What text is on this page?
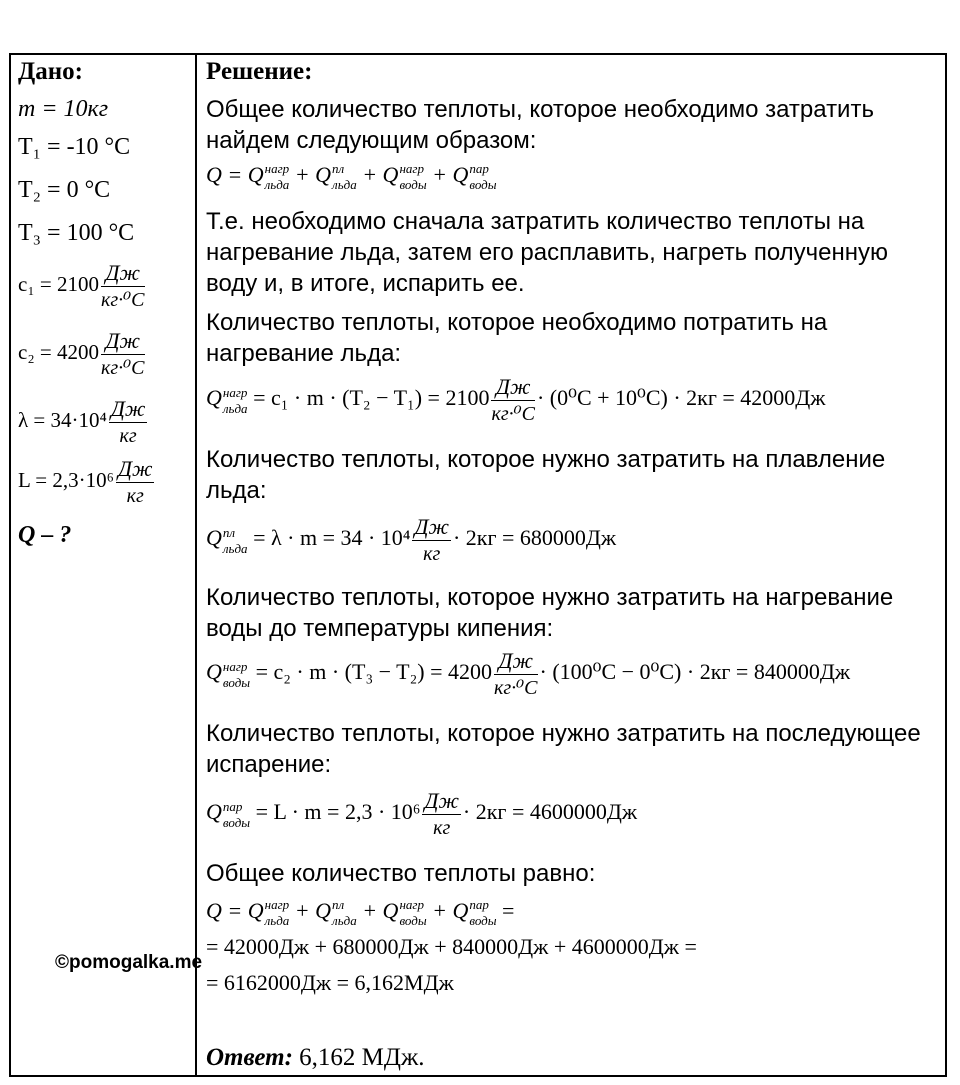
Дано:
m = 10кг
T₁ = -10 °C
T₂ = 0 °C
T₃ = 100 °C
$c_1 = 2100 \frac{Дж}{\text{кг·⁰C}}$
$c_2 = 4200 \frac{Дж}{\text{кг·⁰C}}$
$\lambda = 34\cdot 10^4 \frac{Дж}{кг}$
$L = 2,3\cdot 10^6 \frac{Дж}{кг}$
Q – ?
Решение:
Общее количество теплоты, которое необходимо затратить найдем следующим образом:
Q = Q нагр
льда + Q пл
льда + Q нагр
воды + Q пар
воды
Т.е. необходимо сначала затратить количество теплоты на нагревание льда, затем его расплавить, нагреть полученную воду и, в итоге, испарить ее.
Количество теплоты, которое необходимо потратить на нагревание льда:
Q нагр
льда = $c_1 \cdot m \cdot (T_2 - T_1) = 2100 \frac{Дж}{\text{кг·⁰C}} \cdot (0^0C + 10^0C) \cdot 2кг = 42000Дж$
Количество теплоты, которое нужно затратить на плавление льда:
Q пл
льда = $\lambda \cdot m = 34 \cdot 10^4 \frac{Дж}{кг} \cdot 2кг = 680000Дж$
Количество теплоты, которое нужно затратить на нагревание воды до температуры кипения:
Q нагр
воды = $c_2 \cdot m \cdot (T_3 - T_2) = 4200 \frac{Дж}{\text{кг·⁰C}} \cdot (100^0C - 0^0C) \cdot 2кг = 840000Дж$
Количество теплоты, которое нужно затратить на последующее испарение:
Q пар
воды = $L \cdot m = 2,3 \cdot 10^6 \frac{Дж}{кг} \cdot 2кг = 4600000Дж$
Общее количество теплоты равно:
Q = Q нагр
льда + Q пл
льда + Q нагр
воды + Q пар
воды =
= 42000Дж + 680000Дж + 840000Дж + 4600000Дж =
= 6162000Дж = 6,162МДж
Ответ: 6,162 МДж.
©pomogalka.me
